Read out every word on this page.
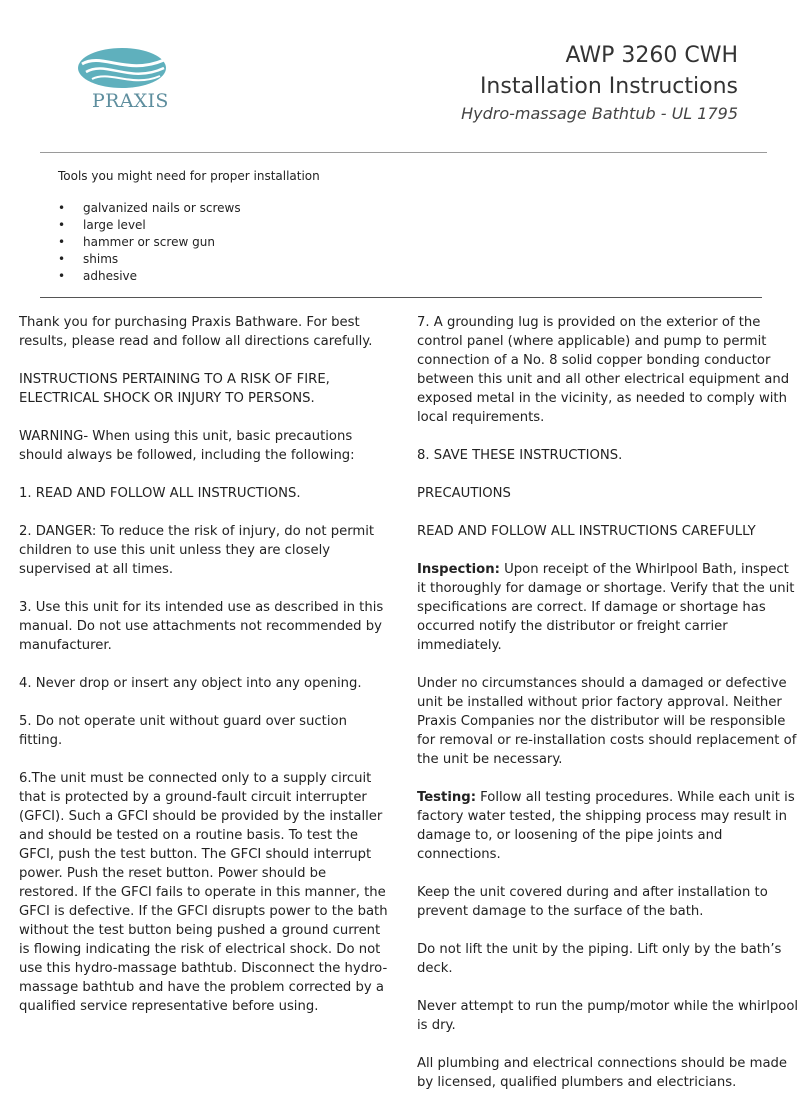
PRAXIS
AWP 3260 CWH
Installation Instructions
Hydro-massage Bathtub - UL 1795
Tools you might need for proper installation
• galvanized nails or screws
• large level
• hammer or screw gun
• shims
• adhesive

Thank you for purchasing Praxis Bathware. For best results, please read and follow all directions carefully.

INSTRUCTIONS PERTAINING TO A RISK OF FIRE, ELECTRICAL SHOCK OR INJURY TO PERSONS.

WARNING- When using this unit, basic precautions should always be followed, including the following:

1. READ AND FOLLOW ALL INSTRUCTIONS.

2. DANGER: To reduce the risk of injury, do not permit children to use this unit unless they are closely supervised at all times.

3. Use this unit for its intended use as described in this manual. Do not use attachments not recommended by manufacturer.

4. Never drop or insert any object into any opening.

5. Do not operate unit without guard over suction fitting.

6.The unit must be connected only to a supply circuit that is protected by a ground-fault circuit interrupter (GFCI). Such a GFCI should be provided by the installer and should be tested on a routine basis. To test the GFCI, push the test button. The GFCI should interrupt power. Push the reset button. Power should be restored. If the GFCI fails to operate in this manner, the GFCI is defective. If the GFCI disrupts power to the bath without the test button being pushed a ground current is flowing indicating the risk of electrical shock. Do not use this hydro-massage bathtub. Disconnect the hydro-massage bathtub and have the problem corrected by a qualified service representative before using.

7. A grounding lug is provided on the exterior of the control panel (where applicable) and pump to permit connection of a No. 8 solid copper bonding conductor between this unit and all other electrical equipment and exposed metal in the vicinity, as needed to comply with local requirements.

8. SAVE THESE INSTRUCTIONS.

PRECAUTIONS

READ AND FOLLOW ALL INSTRUCTIONS CAREFULLY

Inspection: Upon receipt of the Whirlpool Bath, inspect it thoroughly for damage or shortage. Verify that the unit specifications are correct. If damage or shortage has occurred notify the distributor or freight carrier immediately.

Under no circumstances should a damaged or defective unit be installed without prior factory approval. Neither Praxis Companies nor the distributor will be responsible for removal or re-installation costs should replacement of the unit be necessary.

Testing: Follow all testing procedures. While each unit is factory water tested, the shipping process may result in damage to, or loosening of the pipe joints and connections.

Keep the unit covered during and after installation to prevent damage to the surface of the bath.

Do not lift the unit by the piping. Lift only by the bath’s deck.

Never attempt to run the pump/motor while the whirlpool is dry.

All plumbing and electrical connections should be made by licensed, qualified plumbers and electricians.
